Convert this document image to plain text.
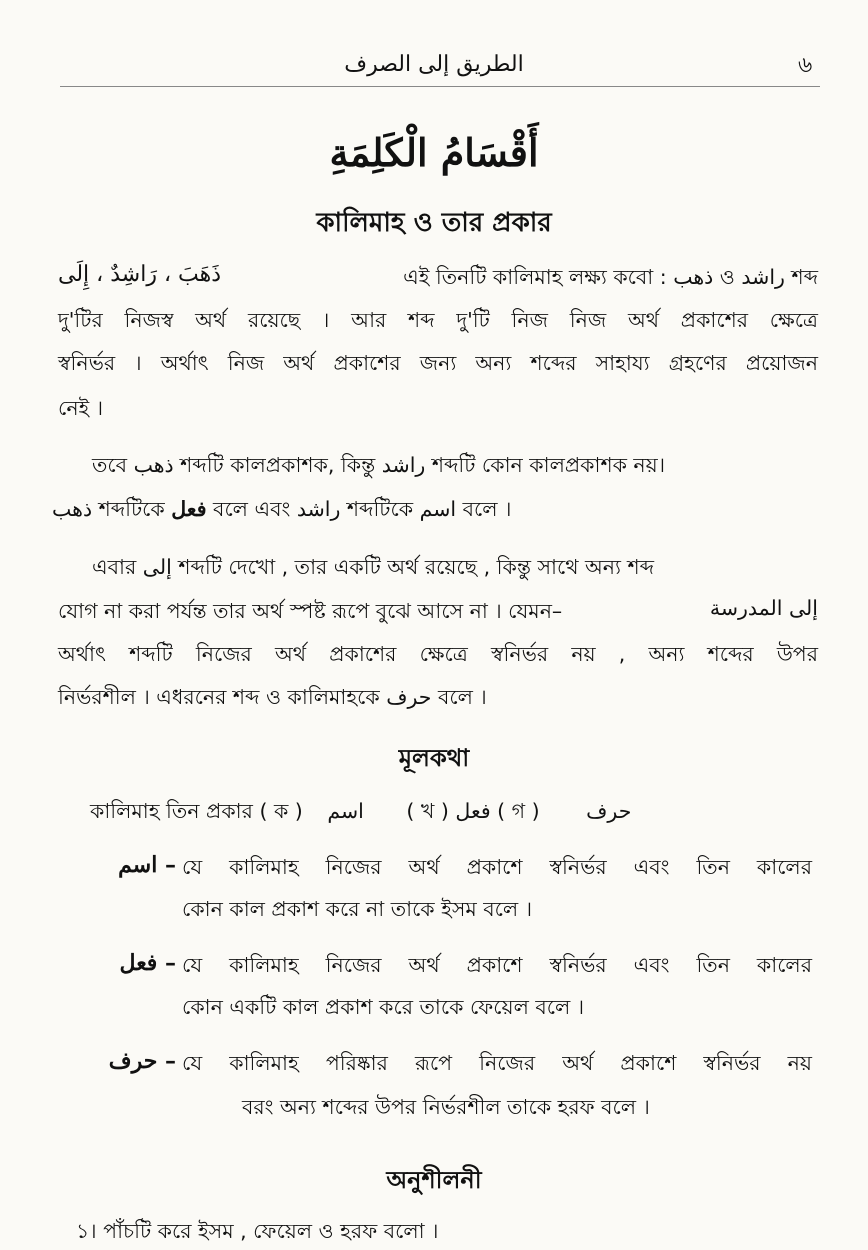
الطريق إلى الصرف	৬
أَقْسَامُ الْكَلِمَةِ
কালিমাহ ও তার প্রকার
ذَهَبَ ، رَاشِدٌ ، إِلَى	এই তিনটি কালিমাহ লক্ষ্য কবো : ذهب ও راشد শব্দ
দু'টির নিজস্ব অর্থ রয়েছে । আর শব্দ দু'টি নিজ নিজ অর্থ প্রকাশের ক্ষেত্রে
স্বনির্ভর । অর্থাৎ নিজ অর্থ প্রকাশের জন্য অন্য শব্দের সাহায্য গ্রহণের প্রয়োজন
নেই ।
তবে ذهب শব্দটি কালপ্রকাশক, কিন্তু راشد শব্দটি কোন কালপ্রকাশক নয়।
ذهب শব্দটিকে فعل বলে এবং راشد শব্দটিকে اسم বলে ।
এবার إلى শব্দটি দেখো , তার একটি অর্থ রয়েছে , কিন্তু সাথে অন্য শব্দ
যোগ না করা পর্যন্ত তার অর্থ স্পষ্ট রূপে বুঝে আসে না । যেমন–	إلى المدرسة
অর্থাৎ শব্দটি নিজের অর্থ প্রকাশের ক্ষেত্রে স্বনির্ভর নয় , অন্য শব্দের উপর
নির্ভরশীল । এধরনের শব্দ ও কালিমাহকে حرف বলে ।
মূলকথা
কালিমাহ তিন প্রকার ( ক ) اسم ( খ ) فعل ( গ ) حرف
اسم – যে কালিমাহ নিজের অর্থ প্রকাশে স্বনির্ভর এবং তিন কালের
কোন কাল প্রকাশ করে না তাকে ইসম বলে ।
فعل – যে কালিমাহ নিজের অর্থ প্রকাশে স্বনির্ভর এবং তিন কালের
কোন একটি কাল প্রকাশ করে তাকে ফেয়েল বলে ।
حرف – যে কালিমাহ পরিষ্কার রূপে নিজের অর্থ প্রকাশে স্বনির্ভর নয়
বরং অন্য শব্দের উপর নির্ভরশীল তাকে হরফ বলে ।
অনুশীলনী
১। পাঁচটি করে ইসম , ফেয়েল ও হরফ বলো ।
